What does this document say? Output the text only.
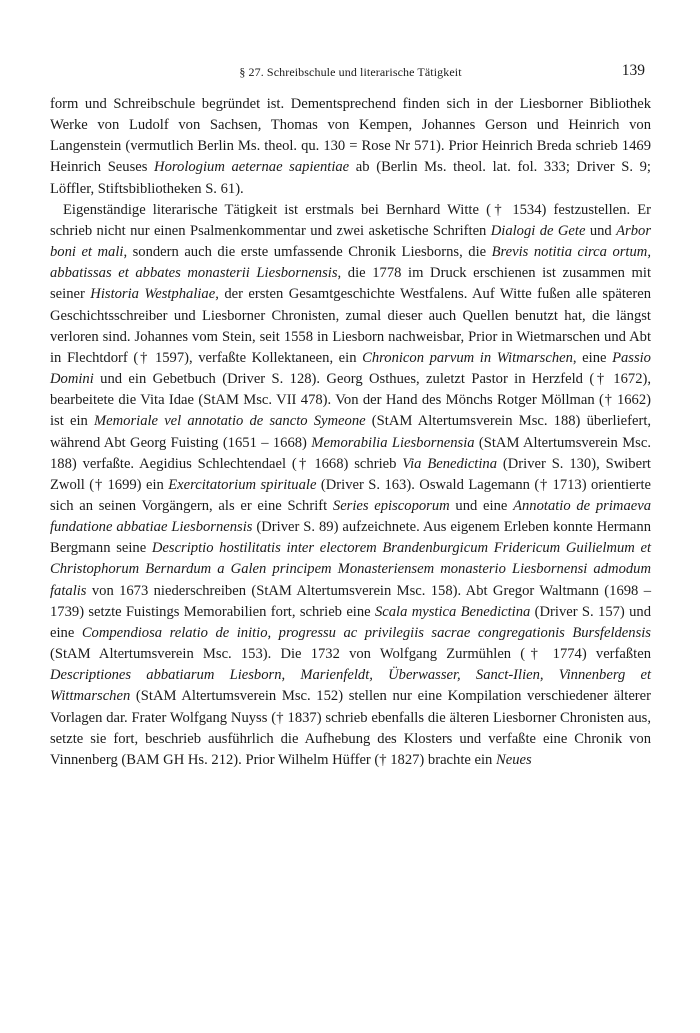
§ 27. Schreibschule und literarische Tätigkeit	139

form und Schreibschule begründet ist. Dementsprechend finden sich in der Liesborner Bibliothek Werke von Ludolf von Sachsen, Thomas von Kempen, Johannes Gerson und Heinrich von Langenstein (vermutlich Berlin Ms. theol. qu. 130 = Rose Nr 571). Prior Heinrich Breda schrieb 1469 Heinrich Seuses Horologium aeternae sapientiae ab (Berlin Ms. theol. lat. fol. 333; Driver S. 9; Löffler, Stiftsbibliotheken S. 61).

Eigenständige literarische Tätigkeit ist erstmals bei Bernhard Witte († 1534) festzustellen. Er schrieb nicht nur einen Psalmenkommentar und zwei asketische Schriften Dialogi de Gete und Arbor boni et mali, sondern auch die erste umfassende Chronik Liesborns, die Brevis notitia circa ortum, abbatissas et abbates monasterii Liesbornensis, die 1778 im Druck erschienen ist zusammen mit seiner Historia Westphaliae, der ersten Gesamtgeschichte Westfalens. Auf Witte fußen alle späteren Geschichtsschreiber und Liesborner Chronisten, zumal dieser auch Quellen benutzt hat, die längst verloren sind. Johannes vom Stein, seit 1558 in Liesborn nachweisbar, Prior in Wietmarschen und Abt in Flechtdorf († 1597), verfaßte Kollektaneen, ein Chronicon parvum in Witmarschen, eine Passio Domini und ein Gebetbuch (Driver S. 128). Georg Osthues, zuletzt Pastor in Herzfeld († 1672), bearbeitete die Vita Idae (StAM Msc. VII 478). Von der Hand des Mönchs Rotger Möllman († 1662) ist ein Memoriale vel annotatio de sancto Symeone (StAM Altertumsverein Msc. 188) überliefert, während Abt Georg Fuisting (1651 – 1668) Memorabilia Liesbornensia (StAM Altertumsverein Msc. 188) verfaßte. Aegidius Schlechtendael († 1668) schrieb Via Benedictina (Driver S. 130), Swibert Zwoll († 1699) ein Exercitatorium spirituale (Driver S. 163). Oswald Lagemann († 1713) orientierte sich an seinen Vorgängern, als er eine Schrift Series episcoporum und eine Annotatio de primaeva fundatione abbatiae Liesbornensis (Driver S. 89) aufzeichnete. Aus eigenem Erleben konnte Hermann Bergmann seine Descriptio hostilitatis inter electorem Brandenburgicum Fridericum Guilielmum et Christophorum Bernardum a Galen principem Monasteriensem monasterio Liesbornensi admodum fatalis von 1673 niederschreiben (StAM Altertumsverein Msc. 158). Abt Gregor Waltmann (1698 – 1739) setzte Fuistings Memorabilien fort, schrieb eine Scala mystica Benedictina (Driver S. 157) und eine Compendiosa relatio de initio, progressu ac privilegiis sacrae congregationis Bursfeldensis (StAM Altertumsverein Msc. 153). Die 1732 von Wolfgang Zurmühlen († 1774) verfaßten Descriptiones abbatiarum Liesborn, Marienfeldt, Überwasser, Sanct-Ilien, Vinnenberg et Wittmarschen (StAM Altertumsverein Msc. 152) stellen nur eine Kompilation verschiedener älterer Vorlagen dar. Frater Wolfgang Nuyss († 1837) schrieb ebenfalls die älteren Liesborner Chronisten aus, setzte sie fort, beschrieb ausführlich die Aufhebung des Klosters und verfaßte eine Chronik von Vinnenberg (BAM GH Hs. 212). Prior Wilhelm Hüffer († 1827) brachte ein Neues
